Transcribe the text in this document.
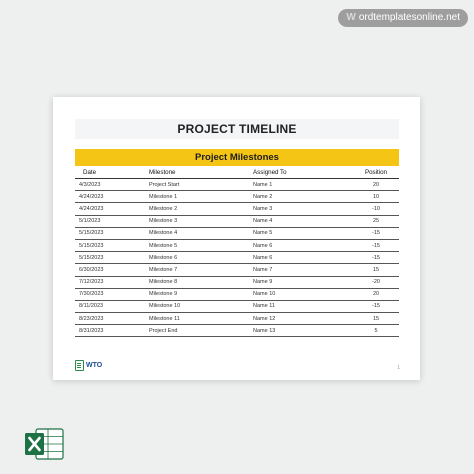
W ordtemplatesonline.net
PROJECT TIMELINE
Project Milestones
Date	Milestone	Assigned To	Position
4/3/2023	Project Start	Name 1	20
4/24/2023	Milestone 1	Name 2	10
4/24/2023	Milestone 2	Name 3	-10
5/1/2023	Milestone 3	Name 4	25
5/15/2023	Milestone 4	Name 5	-15
5/15/2023	Milestone 5	Name 6	-15
5/15/2023	Milestone 6	Name 6	-15
6/30/2023	Milestone 7	Name 7	15
7/12/2023	Milestone 8	Name 9	-20
7/30/2023	Milestone 9	Name 10	20
8/11/2023	Milestone 10	Name 11	-15
8/23/2023	Milestone 11	Name 12	15
8/31/2023	Project End	Name 13	5
WTO	1
